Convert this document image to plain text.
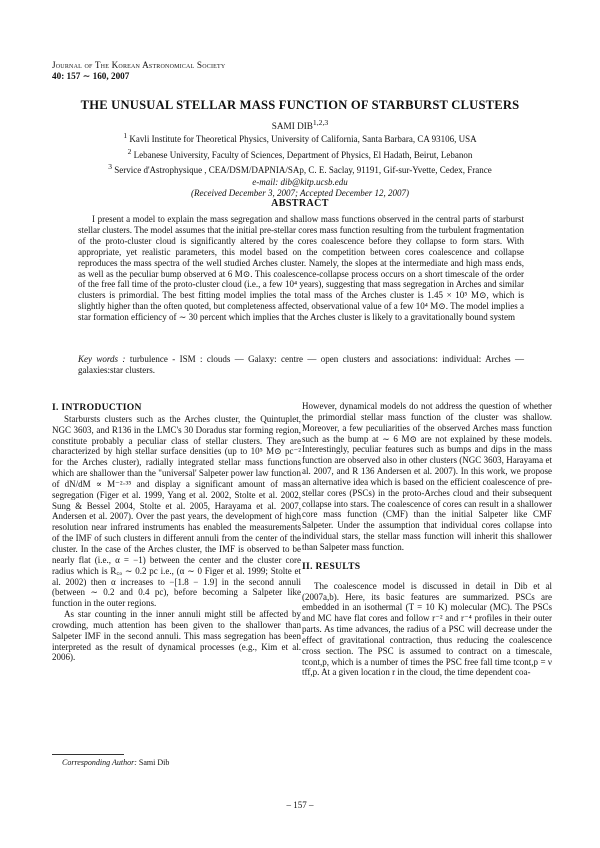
Journal of The Korean Astronomical Society
40: 157 ∼ 160, 2007
THE UNUSUAL STELLAR MASS FUNCTION OF STARBURST CLUSTERS
SAMI DIB$^{1,2,3}$
$^1$ Kavli Institute for Theoretical Physics, University of California, Santa Barbara, CA 93106, USA
$^2$ Lebanese University, Faculty of Sciences, Department of Physics, El Hadath, Beirut, Lebanon
$^3$ Service d'Astrophysique , CEA/DSM/DAPNIA/SAp, C. E. Saclay, 91191, Gif-sur-Yvette, Cedex, France
e-mail: dib@kitp.ucsb.edu
(Received December 3, 2007; Accepted December 12, 2007)
ABSTRACT

I present a model to explain the mass segregation and shallow mass functions observed in the central parts of starburst stellar clusters. The model assumes that the initial pre-stellar cores mass function resulting from the turbulent fragmentation of the proto-cluster cloud is significantly altered by the cores coalescence before they collapse to form stars. With appropriate, yet realistic parameters, this model based on the competition between cores coalescence and collapse reproduces the mass spectra of the well studied Arches cluster. Namely, the slopes at the intermediate and high mass ends, as well as the peculiar bump observed at 6 M⊙. This coalescence-collapse process occurs on a short timescale of the order of the free fall time of the proto-cluster cloud (i.e., a few 10⁴ years), suggesting that mass segregation in Arches and similar clusters is primordial. The best fitting model implies the total mass of the Arches cluster is 1.45 × 10⁵ M⊙, which is slightly higher than the often quoted, but completeness affected, observational value of a few 10⁴ M⊙. The model implies a star formation efficiency of ∼ 30 percent which implies that the Arches cluster is likely to a gravitationally bound system

Key words : turbulence - ISM : clouds — Galaxy: centre — open clusters and associations: individual: Arches — galaxies:star clusters.

I. INTRODUCTION

Starbursts clusters such as the Arches cluster, the Quintuplet, NGC 3603, and R136 in the LMC's 30 Doradus star forming region, constitute probably a peculiar class of stellar clusters. They are characterized by high stellar surface densities (up to 10⁵ M⊙ pc⁻² for the Arches cluster), radially integrated stellar mass functions which are shallower than the "universal' Salpeter power law function of dN/dM ∝ M⁻²·³⁵ and display a significant amount of mass segregation (Figer et al. 1999, Yang et al. 2002, Stolte et al. 2002, Sung & Bessel 2004, Stolte et al. 2005, Harayama et al. 2007, Andersen et al. 2007). Over the past years, the development of high resolution near infrared instruments has enabled the measurements of the IMF of such clusters in different annuli from the center of the cluster. In the case of the Arches cluster, the IMF is observed to be nearly flat (i.e., α = −1) between the center and the cluster core radius which is R꜀ₒ ∼ 0.2 pc i.e., (α ∼ 0 Figer et al. 1999; Stolte et al. 2002) then α increases to −[1.8 − 1.9] in the second annuli (between ∼ 0.2 and 0.4 pc), before becoming a Salpeter like function in the outer regions.

As star counting in the inner annuli might still be affected by crowding, much attention has been given to the shallower than Salpeter IMF in the second annuli. This mass segregation has been interpreted as the result of dynamical processes (e.g., Kim et al. 2006).

However, dynamical models do not address the question of whether the primordial stellar mass function of the cluster was shallow. Moreover, a few peculiarities of the observed Arches mass function such as the bump at ∼ 6 M⊙ are not explained by these models. Interestingly, peculiar features such as bumps and dips in the mass function are observed also in other clusters (NGC 3603, Harayama et al. 2007, and R 136 Andersen et al. 2007). In this work, we propose an alternative idea which is based on the efficient coalescence of pre-stellar cores (PSCs) in the proto-Arches cloud and their subsequent collapse into stars. The coalescence of cores can result in a shallower core mass function (CMF) than the initial Salpeter like CMF Salpeter. Under the assumption that individual cores collapse into individual stars, the stellar mass function will inherit this shallower than Salpeter mass function.

II. RESULTS

The coalescence model is discussed in detail in Dib et al (2007a,b). Here, its basic features are summarized. PSCs are embedded in an isothermal (T = 10 K) molecular (MC). The PSCs and MC have flat cores and follow r⁻² and r⁻⁴ profiles in their outer parts. As time advances, the radius of a PSC will decrease under the effect of gravitational contraction, thus reducing the coalescence cross section. The PSC is assumed to contract on a timescale, tcont,p, which is a number of times the PSC free fall time tcont,p = ν tff,p. At a given location r in the cloud, the time dependent coa-

Corresponding Author: Sami Dib
– 157 –
